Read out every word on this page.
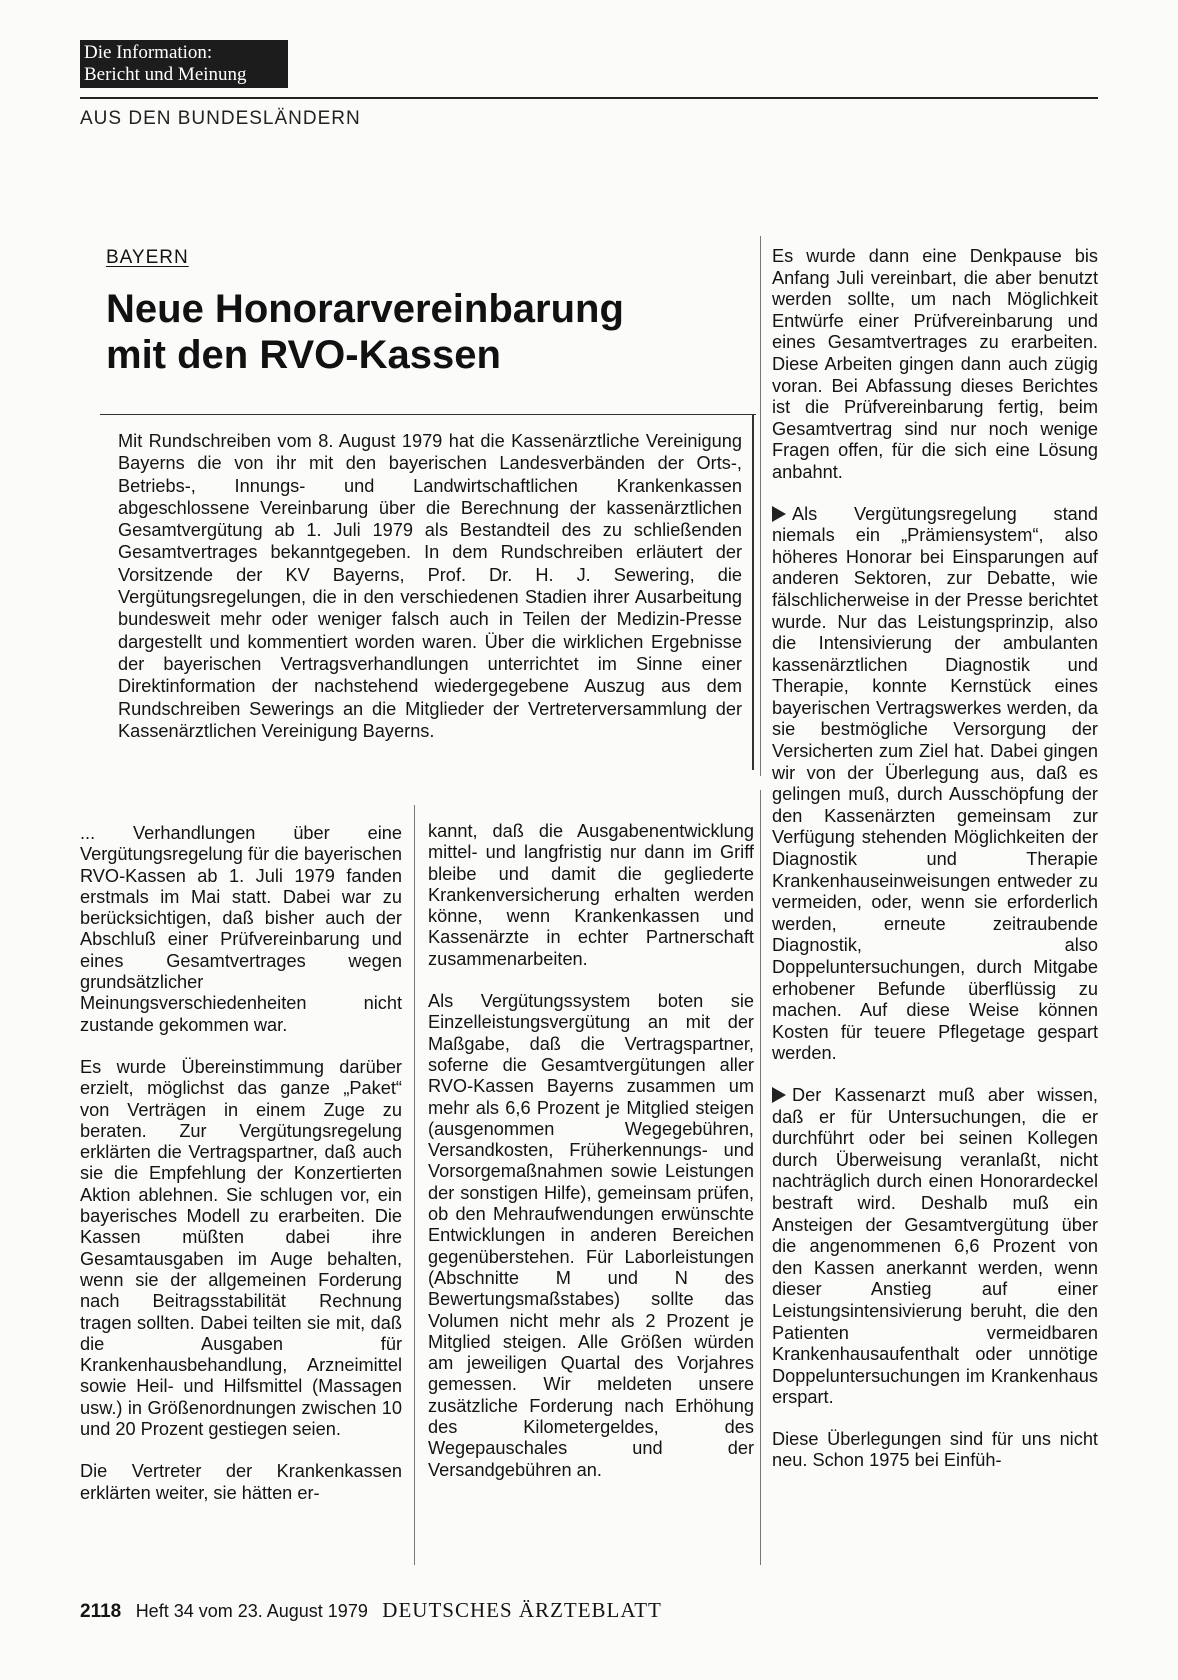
Die Information:
Bericht und Meinung
AUS DEN BUNDESLÄNDERN
BAYERN
Neue Honorarvereinbarung
mit den RVO-Kassen
Mit Rundschreiben vom 8. August 1979 hat die Kassenärztliche Vereinigung Bayerns die von ihr mit den bayerischen Landesverbänden der Orts-, Betriebs-, Innungs- und Landwirtschaftlichen Krankenkassen abgeschlossene Vereinbarung über die Berechnung der kassenärztlichen Gesamtvergütung ab 1. Juli 1979 als Bestandteil des zu schließenden Gesamtvertrages bekanntgegeben. In dem Rundschreiben erläutert der Vorsitzende der KV Bayerns, Prof. Dr. H. J. Sewering, die Vergütungsregelungen, die in den verschiedenen Stadien ihrer Ausarbeitung bundesweit mehr oder weniger falsch auch in Teilen der Medizin-Presse dargestellt und kommentiert worden waren. Über die wirklichen Ergebnisse der bayerischen Vertragsverhandlungen unterrichtet im Sinne einer Direktinformation der nachstehend wiedergegebene Auszug aus dem Rundschreiben Sewerings an die Mitglieder der Vertreterversammlung der Kassenärztlichen Vereinigung Bayerns.

... Verhandlungen über eine Vergütungsregelung für die bayerischen RVO-Kassen ab 1. Juli 1979 fanden erstmals im Mai statt. Dabei war zu berücksichtigen, daß bisher auch der Abschluß einer Prüfvereinbarung und eines Gesamtvertrages wegen grundsätzlicher Meinungsverschiedenheiten nicht zustande gekommen war.

Es wurde Übereinstimmung darüber erzielt, möglichst das ganze „Paket“ von Verträgen in einem Zuge zu beraten. Zur Vergütungsregelung erklärten die Vertragspartner, daß auch sie die Empfehlung der Konzertierten Aktion ablehnen. Sie schlugen vor, ein bayerisches Modell zu erarbeiten. Die Kassen müßten dabei ihre Gesamtausgaben im Auge behalten, wenn sie der allgemeinen Forderung nach Beitragsstabilität Rechnung tragen sollten. Dabei teilten sie mit, daß die Ausgaben für Krankenhausbehandlung, Arzneimittel sowie Heil- und Hilfsmittel (Massagen usw.) in Größenordnungen zwischen 10 und 20 Prozent gestiegen seien.

Die Vertreter der Krankenkassen erklärten weiter, sie hätten er-

kannt, daß die Ausgabenentwicklung mittel- und langfristig nur dann im Griff bleibe und damit die gegliederte Krankenversicherung erhalten werden könne, wenn Krankenkassen und Kassenärzte in echter Partnerschaft zusammenarbeiten.

Als Vergütungssystem boten sie Einzelleistungsvergütung an mit der Maßgabe, daß die Vertragspartner, soferne die Gesamtvergütungen aller RVO-Kassen Bayerns zusammen um mehr als 6,6 Prozent je Mitglied steigen (ausgenommen Wegegebühren, Versandkosten, Früherkennungs- und Vorsorgemaßnahmen sowie Leistungen der sonstigen Hilfe), gemeinsam prüfen, ob den Mehraufwendungen erwünschte Entwicklungen in anderen Bereichen gegenüberstehen. Für Laborleistungen (Abschnitte M und N des Bewertungsmaßstabes) sollte das Volumen nicht mehr als 2 Prozent je Mitglied steigen. Alle Größen würden am jeweiligen Quartal des Vorjahres gemessen. Wir meldeten unsere zusätzliche Forderung nach Erhöhung des Kilometergeldes, des Wegepauschales und der Versandgebühren an.

Es wurde dann eine Denkpause bis Anfang Juli vereinbart, die aber benutzt werden sollte, um nach Möglichkeit Entwürfe einer Prüfvereinbarung und eines Gesamtvertrages zu erarbeiten. Diese Arbeiten gingen dann auch zügig voran. Bei Abfassung dieses Berichtes ist die Prüfvereinbarung fertig, beim Gesamtvertrag sind nur noch wenige Fragen offen, für die sich eine Lösung anbahnt.

Als Vergütungsregelung stand niemals ein „Prämiensystem“, also höheres Honorar bei Einsparungen auf anderen Sektoren, zur Debatte, wie fälschlicherweise in der Presse berichtet wurde. Nur das Leistungsprinzip, also die Intensivierung der ambulanten kassenärztlichen Diagnostik und Therapie, konnte Kernstück eines bayerischen Vertragswerkes werden, da sie bestmögliche Versorgung der Versicherten zum Ziel hat. Dabei gingen wir von der Überlegung aus, daß es gelingen muß, durch Ausschöpfung der den Kassenärzten gemeinsam zur Verfügung stehenden Möglichkeiten der Diagnostik und Therapie Krankenhauseinweisungen entweder zu vermeiden, oder, wenn sie erforderlich werden, erneute zeitraubende Diagnostik, also Doppeluntersuchungen, durch Mitgabe erhobener Befunde überflüssig zu machen. Auf diese Weise können Kosten für teuere Pflegetage gespart werden.

Der Kassenarzt muß aber wissen, daß er für Untersuchungen, die er durchführt oder bei seinen Kollegen durch Überweisung veranlaßt, nicht nachträglich durch einen Honorardeckel bestraft wird. Deshalb muß ein Ansteigen der Gesamtvergütung über die angenommenen 6,6 Prozent von den Kassen anerkannt werden, wenn dieser Anstieg auf einer Leistungsintensivierung beruht, die den Patienten vermeidbaren Krankenhausaufenthalt oder unnötige Doppeluntersuchungen im Krankenhaus erspart.

Diese Überlegungen sind für uns nicht neu. Schon 1975 bei Einfüh-

2118 Heft 34 vom 23. August 1979 DEUTSCHES ÄRZTEBLATT
